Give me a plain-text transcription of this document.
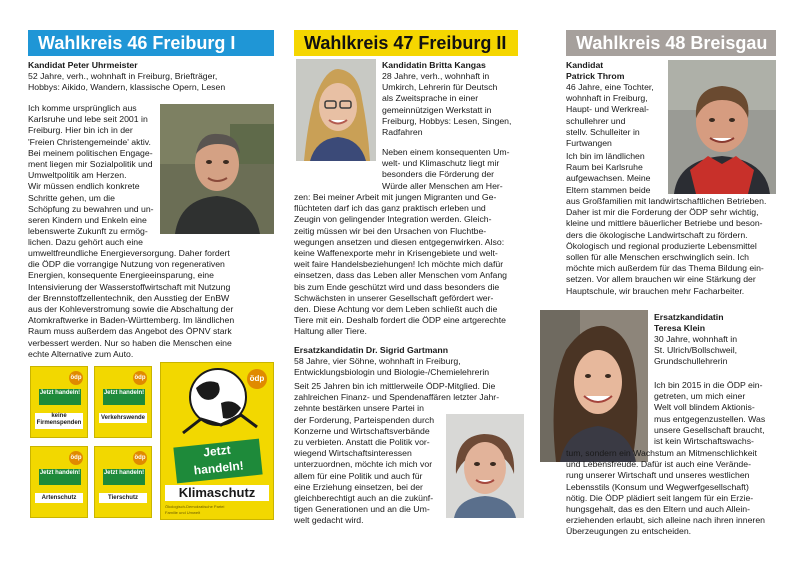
Wahlkreis 46 Freiburg I	Wahlkreis 47 Freiburg II	Wahlkreis 48 Breisgau
Kandidat Peter Uhrmeister
52 Jahre, verh., wohnhaft in Freiburg, Briefträger,
Hobbys: Aikido, Wandern, klassische Opern, Lesen
Ich komme ursprünglich aus
Karlsruhe und lebe seit 2001 in
Freiburg. Hier bin ich in der
'Freien Christengemeinde' aktiv.
Bei meinem politischen Engage-
ment liegen mir Sozialpolitik und
Umweltpolitik am Herzen.
Wir müssen endlich konkrete
Schritte gehen, um die
Schöpfung zu bewahren und un-
seren Kindern und Enkeln eine
lebenswerte Zukunft zu ermög-
lichen. Dazu gehört auch eine
umweltfreundliche Energieversorgung. Daher fordert
die ÖDP die vorrangige Nutzung von regenerativen
Energien, konsequente Energieeinsparung, eine
Intensivierung der Wasserstoffwirtschaft mit Nutzung
der Brennstoffzellentechnik, den Ausstieg der EnBW
aus der Kohleverstromung sowie die Abschaltung der
Atomkraftwerke in Baden-Württemberg. Im ländlichen
Raum muss außerdem das Angebot des ÖPNV stark
verbessert werden. Nur so haben die Menschen eine
echte Alternative zum Auto.
ödp
Jetzt handeln!
keine Firmenspenden
ödp
Jetzt handeln!
Verkehrswende
ödp
Jetzt handeln!
Artenschutz
ödp
Jetzt handeln!
Tierschutz
ödp
Jetzt
handeln!
Klimaschutz
Ökologisch-Demokratische Partei
Familie und Umwelt
Kandidatin Britta Kangas
28 Jahre, verh., wohnhaft in
Umkirch, Lehrerin für Deutsch
als Zweitsprache in einer
gemeinnützigen Werkstatt in
Freiburg, Hobbys: Lesen, Singen,
Radfahren
Neben einem konsequenten Um-
welt- und Klimaschutz liegt mir
besonders die Förderung der
Würde aller Menschen am Her-
zen: Bei meiner Arbeit mit jungen Migranten und Ge-
flüchteten darf ich das ganz praktisch erleben und
Zeugin von gelingender Integration werden. Gleich-
zeitig müssen wir bei den Ursachen von Fluchtbe-
wegungen ansetzen und diesen entgegenwirken. Also:
keine Waffenexporte mehr in Krisengebiete und welt-
weit faire Handelsbeziehungen! Ich möchte mich dafür
einsetzen, dass das Leben aller Menschen vom Anfang
bis zum Ende geschützt wird und dass besonders die
Schwächsten in unserer Gesellschaft gefördert wer-
den. Diese Achtung vor dem Leben schließt auch die
Tiere mit ein. Deshalb fordert die ÖDP eine artgerechte
Haltung aller Tiere.
Ersatzkandidatin Dr. Sigrid Gartmann
58 Jahre, vier Söhne, wohnhaft in Freiburg,
Entwicklungsbiologin und Biologie-/Chemielehrerin
Seit 25 Jahren bin ich mittlerweile ÖDP-Mitglied. Die
zahlreichen Finanz- und Spendenaffären letzter Jahr-
zehnte bestärken unsere Partei in
der Forderung, Parteispenden durch
Konzerne und Wirtschaftsverbände
zu verbieten. Anstatt die Politik vor-
wiegend Wirtschaftsinteressen
unterzuordnen, möchte ich mich vor
allem für eine Politik und auch für
eine Erziehung einsetzen, bei der
gleichberechtigt auch an die zukünf-
tigen Generationen und an die Um-
welt gedacht wird.
Kandidat
Patrick Throm
46 Jahre, eine Tochter,
wohnhaft in Freiburg,
Haupt- und Werkreal-
schullehrer und
stellv. Schulleiter in
Furtwangen
Ich bin im ländlichen
Raum bei Karlsruhe
aufgewachsen. Meine
Eltern stammen beide
aus Großfamilien mit landwirtschaftlichen Betrieben.
Daher ist mir die Forderung der ÖDP sehr wichtig,
kleine und mittlere bäuerlicher Betriebe und beson-
ders die ökologische Landwirtschaft zu fördern.
Ökologisch und regional produzierte Lebensmittel
sollen für alle Menschen erschwinglich sein. Ich
möchte mich außerdem für das Thema Bildung ein-
setzen. Vor allem brauchen wir eine Stärkung der
Hauptschule, wir brauchen mehr Facharbeiter.
Ersatzkandidatin
Teresa Klein
30 Jahre, wohnhaft in
St. Ulrich/Bollschweil,
Grundschullehrerin
Ich bin 2015 in die ÖDP ein-
getreten, um mich einer
Welt voll blindem Aktionis-
mus entgegenzustellen. Was
unsere Gesellschaft braucht,
ist kein Wirtschaftswachs-
tum, sondern ein Wachstum an Mitmenschlichkeit
und Lebensfreude. Dafür ist auch eine Verände-
rung unserer Wirtschaft und unseres westlichen
Lebensstils (Konsum und Wegwerfgesellschaft)
nötig. Die ÖDP plädiert seit langem für ein Erzie-
hungsgehalt, das es den Eltern und auch Allein-
erziehenden erlaubt, sich alleine nach ihren inneren
Überzeugungen zu entscheiden.
